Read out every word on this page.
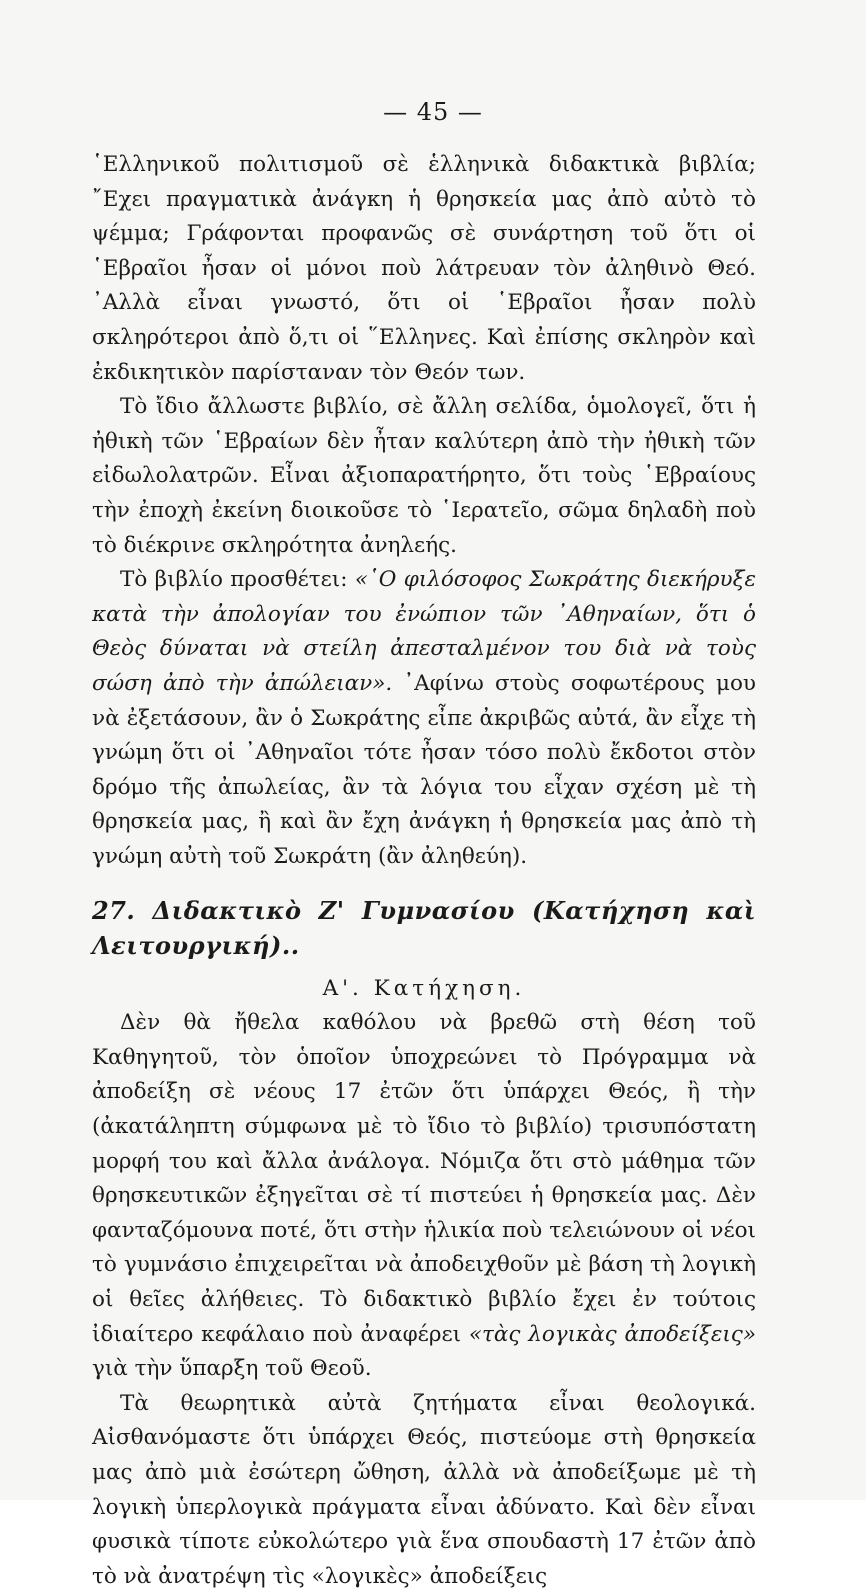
— 45 —

῾Ελληνικοῦ πολιτισμοῦ σὲ ἑλληνικὰ διδακτικὰ βιβλία; ῎Εχει πραγματικὰ ἀνάγκη ἡ θρησκεία μας ἀπὸ αὐτὸ τὸ ψέμμα; Γράφονται προφανῶς σὲ συνάρτηση τοῦ ὅτι οἱ ῾Εβραῖοι ἦσαν οἱ μόνοι ποὺ λάτρευαν τὸν ἀληθινὸ Θεό. ᾿Αλλὰ εἶναι γνωστό, ὅτι οἱ ῾Εβραῖοι ἦσαν πολὺ σκληρότεροι ἀπὸ ὅ,τι οἱ ῞Ελληνες. Καὶ ἐπίσης σκληρὸν καὶ ἐκδικητικὸν παρίσταναν τὸν Θεόν των.

Τὸ ἴδιο ἄλλωστε βιβλίο, σὲ ἄλλη σελίδα, ὁμολογεῖ, ὅτι ἡ ἠθικὴ τῶν ῾Εβραίων δὲν ἦταν καλύτερη ἀπὸ τὴν ἠθικὴ τῶν εἰδωλολατρῶν. Εἶναι ἀξιοπαρατήρητο, ὅτι τοὺς ῾Εβραίους τὴν ἐποχὴ ἐκείνη διοικοῦσε τὸ ῾Ιερατεῖο, σῶμα δηλαδὴ ποὺ τὸ διέκρινε σκληρότητα ἀνηλεής.

Τὸ βιβλίο προσθέτει: «῾Ο φιλόσοφος Σωκράτης διεκήρυξε κατὰ τὴν ἀπολογίαν του ἐνώπιον τῶν ᾿Αθηναίων, ὅτι ὁ Θεὸς δύναται νὰ στείλη ἀπεσταλμένον του διὰ νὰ τοὺς σώση ἀπὸ τὴν ἀπώλειαν». ᾿Αφίνω στοὺς σοφωτέρους μου νὰ ἐξετάσουν, ἂν ὁ Σωκράτης εἶπε ἀκριβῶς αὐτά, ἂν εἶχε τὴ γνώμη ὅτι οἱ ᾿Αθηναῖοι τότε ἦσαν τόσο πολὺ ἔκδοτοι στὸν δρόμο τῆς ἀπωλείας, ἂν τὰ λόγια του εἶχαν σχέση μὲ τὴ θρησκεία μας, ἢ καὶ ἂν ἔχη ἀνάγκη ἡ θρησκεία μας ἀπὸ τὴ γνώμη αὐτὴ τοῦ Σωκράτη (ἂν ἀληθεύη).

27. Διδακτικὸ Ζ' Γυμνασίου (Κατήχηση καὶ Λειτουργική)..
Α'. Κατήχηση.

Δὲν θὰ ἤθελα καθόλου νὰ βρεθῶ στὴ θέση τοῦ Καθηγητοῦ, τὸν ὁποῖον ὑποχρεώνει τὸ Πρόγραμμα νὰ ἀποδείξη σὲ νέους 17 ἐτῶν ὅτι ὑπάρχει Θεός, ἢ τὴν (ἀκατάληπτη σύμφωνα μὲ τὸ ἴδιο τὸ βιβλίο) τρισυπόστατη μορφή του καὶ ἄλλα ἀνάλογα. Νόμιζα ὅτι στὸ μάθημα τῶν θρησκευτικῶν ἐξηγεῖται σὲ τί πιστεύει ἡ θρησκεία μας. Δὲν φανταζόμουνα ποτέ, ὅτι στὴν ἡλικία ποὺ τελειώνουν οἱ νέοι τὸ γυμνάσιο ἐπιχειρεῖται νὰ ἀποδειχθοῦν μὲ βάση τὴ λογικὴ οἱ θεῖες ἀλήθειες. Τὸ διδακτικὸ βιβλίο ἔχει ἐν τούτοις ἰδιαίτερο κεφάλαιο ποὺ ἀναφέρει «τὰς λογικὰς ἀποδείξεις» γιὰ τὴν ὕπαρξη τοῦ Θεοῦ.

Τὰ θεωρητικὰ αὐτὰ ζητήματα εἶναι θεολογικά. Αἰσθανόμαστε ὅτι ὑπάρχει Θεός, πιστεύομε στὴ θρησκεία μας ἀπὸ μιὰ ἐσώτερη ὤθηση, ἀλλὰ νὰ ἀποδείξωμε μὲ τὴ λογικὴ ὑπερλογικὰ πράγματα εἶναι ἀδύνατο. Καὶ δὲν εἶναι φυσικὰ τίποτε εὐκολώτερο γιὰ ἕνα σπουδαστὴ 17 ἐτῶν ἀπὸ τὸ νὰ ἀνατρέψη τὶς «λογικὲς» ἀποδείξεις
